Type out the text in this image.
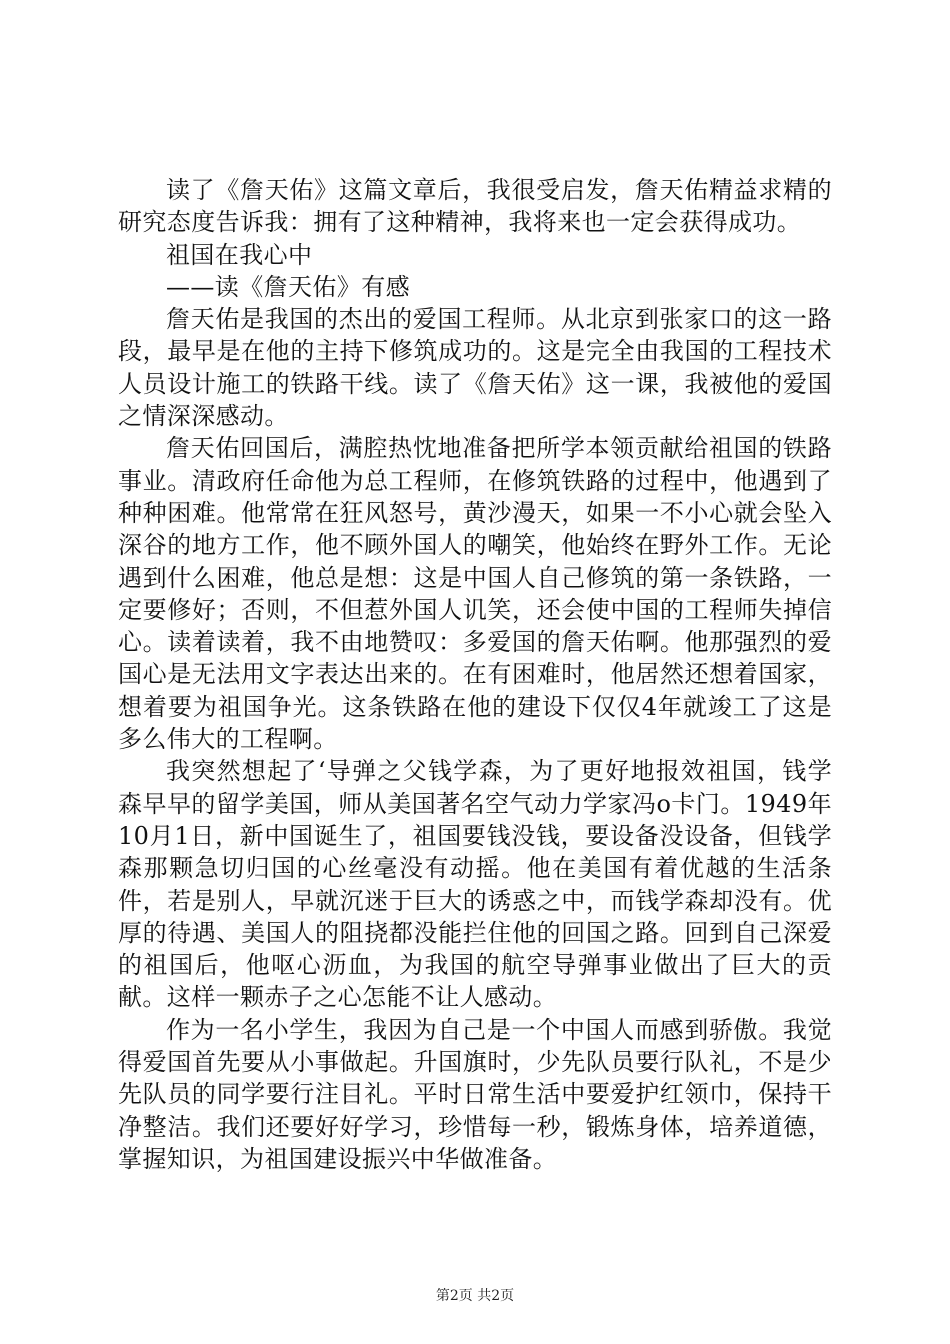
读了《詹天佑》这篇文章后，我很受启发，詹天佑精益求精的研究态度告诉我：拥有了这种精神，我将来也一定会获得成功。

祖国在我心中

——读《詹天佑》有感

詹天佑是我国的杰出的爱国工程师。从北京到张家口的这一路段，最早是在他的主持下修筑成功的。这是完全由我国的工程技术人员设计施工的铁路干线。读了《詹天佑》这一课，我被他的爱国之情深深感动。

詹天佑回国后，满腔热忱地准备把所学本领贡献给祖国的铁路事业。清政府任命他为总工程师，在修筑铁路的过程中，他遇到了种种困难。他常常在狂风怒号，黄沙漫天，如果一不小心就会坠入深谷的地方工作，他不顾外国人的嘲笑，他始终在野外工作。无论遇到什么困难，他总是想：这是中国人自己修筑的第一条铁路，一定要修好；否则，不但惹外国人讥笑，还会使中国的工程师失掉信心。读着读着，我不由地赞叹：多爱国的詹天佑啊。他那强烈的爱国心是无法用文字表达出来的。在有困难时，他居然还想着国家，想着要为祖国争光。这条铁路在他的建设下仅仅4年就竣工了这是多么伟大的工程啊。

我突然想起了‘导弹之父钱学森，为了更好地报效祖国，钱学森早早的留学美国，师从美国著名空气动力学家冯o卡门。1949年10月1日，新中国诞生了，祖国要钱没钱，要设备没设备，但钱学森那颗急切归国的心丝毫没有动摇。他在美国有着优越的生活条件，若是别人，早就沉迷于巨大的诱惑之中，而钱学森却没有。优厚的待遇、美国人的阻挠都没能拦住他的回国之路。回到自己深爱的祖国后，他呕心沥血，为我国的航空导弹事业做出了巨大的贡献。这样一颗赤子之心怎能不让人感动。

作为一名小学生，我因为自己是一个中国人而感到骄傲。我觉得爱国首先要从小事做起。升国旗时，少先队员要行队礼，不是少先队员的同学要行注目礼。平时日常生活中要爱护红领巾，保持干净整洁。我们还要好好学习，珍惜每一秒，锻炼身体，培养道德，掌握知识，为祖国建设振兴中华做准备。

第2页 共2页
